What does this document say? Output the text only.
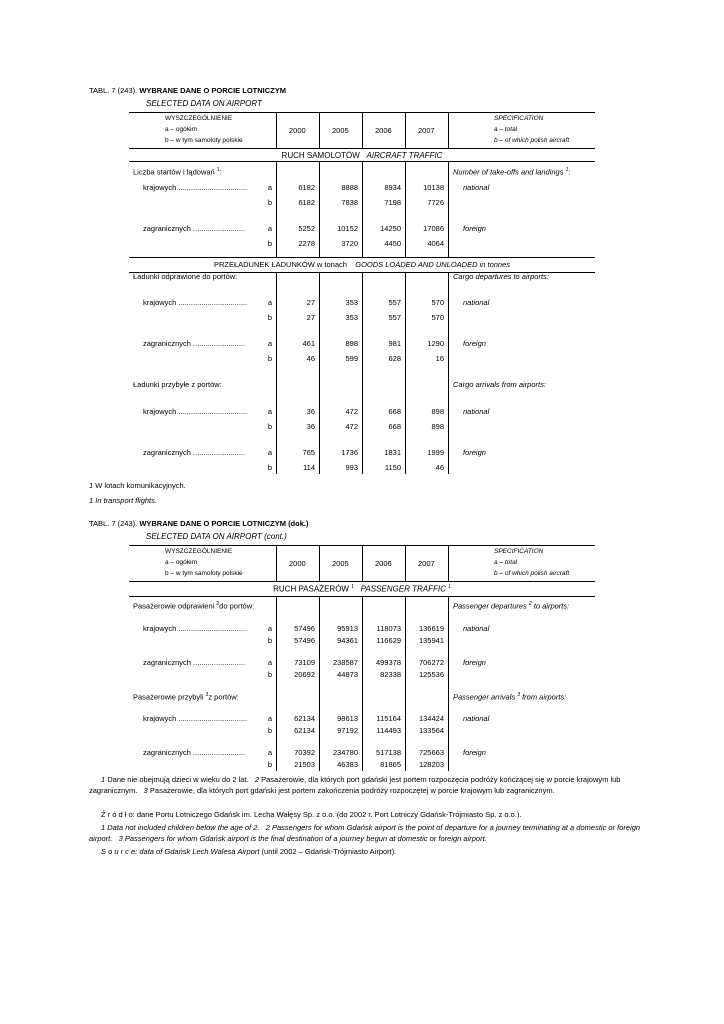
TABL. 7 (243). WYBRANE DANE O PORCIE LOTNICZYM
SELECTED DATA ON AIRPORT
WYSZCZEGÓLNIENIE
a – ogółem
b – w tym samoloty polskie
2000	2005	2006	2007
SPECIFICATION
a – total
b – of which polish aircraft
RUCH SAMOLOTÓW AIRCRAFT TRAFFIC
Liczba startów i lądowań $^1$:	Number of take-offs and landings $^1$:
krajowych .................................	a	6182	8888	8934	10138	national
b	6182	7838	7198	7726
zagranicznych .........................	a	5252	10152	14250	17086	foreign
b	2278	3720	4450	4064
PRZEŁADUNEK ŁADUNKÓW w tonach GOODS LOADED AND UNLOADED in tonnes
Ładunki odprawione do portów:	Cargo departures to airports:
krajowych .................................	a	27	353	557	570	national
b	27	353	557	570
zagranicznych .........................	a	461	898	981	1290	foreign
b	46	599	628	16
Ładunki przybyłe z portów:	Cargo arrivals from airports:
krajowych .................................	a	36	472	668	898	national
b	36	472	668	898
zagranicznych .........................	a	765	1736	1831	1999	foreign
b	114	993	1150	46
1 W lotach komunikacyjnych.
1 In transport flights.
TABL. 7 (243). WYBRANE DANE O PORCIE LOTNICZYM (dok.)
SELECTED DATA ON AIRPORT (cont.)
WYSZCZEGÓLNIENIE
a – ogółem
b – w tym samoloty polskie
2000	2005	2006	2007
SPECIFICATION
a – total
b – of which polish aircraft
RUCH PASAŻERÓW $^1$ PASSENGER TRAFFIC $^1$
Pasażerowie odprawieni $^2$do portów:	Passenger departures $^2$ to airports:
krajowych .................................	a	57496	95913	118073	136619	national
b	57496	94361	116629	135941
zagranicznych .........................	a	73109	238587	499378	706272	foreign
b	20692	44873	82338	125536
Pasażerowie przybyli $^3$z portów:	Passenger arrivals $^3$ from airports:
krajowych .................................	a	62134	98613	115164	134424	national
b	62134	97192	114493	133564
zagranicznych .........................	a	70392	234780	517138	725663	foreign
b	21503	46383	81865	128203
1 Dane nie obejmują dzieci w wieku do 2 lat. 2 Pasażerowie, dla których port gdański jest portem rozpoczęcia podróży kończącej się w porcie krajowym lub zagranicznym. 3 Pasażerowie, dla których port gdański jest portem zakończenia podróży rozpoczętej w porcie krajowym lub zagranicznym.
Ź r ó d ł o: dane Portu Lotniczego Gdańsk im. Lecha Wałęsy Sp. z o.o. (do 2002 r. Port Lotniczy Gdańsk-Trójmiasto Sp. z o.o.).
1 Data not included children below the age of 2. 2 Passengers for whom Gdańsk airport is the point of departure for a journey terminating at a domestic or foreign airport. 3 Passengers for whom Gdańsk airport is the final destination of a journey begun at domestic or foreign airport.
S o u r c e: data of Gdańsk Lech Walesa Airport (until 2002 – Gdańsk-Trójmiasto Airport).
